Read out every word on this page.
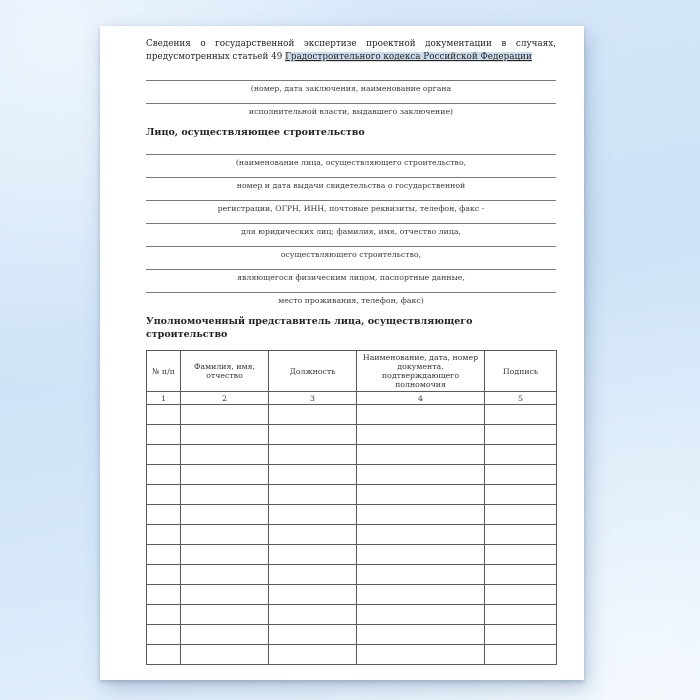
Сведения о государственной экспертизе проектной документации в случаях, предусмотренных статьей 49 Градостроительного кодекса Российской Федерации

(номер, дата заключения, наименование органа
исполнительной власти, выдавшего заключение)

Лицо, осуществляющее строительство

(наименование лица, осуществляющего строительство,
номер и дата выдачи свидетельства о государственной
регистрации, ОГРН, ИНН, почтовые реквизиты, телефон, факс -
для юридических лиц; фамилия, имя, отчество лица,
осуществляющего строительство,
являющегося физическим лицом, паспортные данные,
место проживания, телефон, факс)

Уполномоченный представитель лица, осуществляющего строительство

№ п/п	Фамилия, имя, отчество	Должность	Наименование, дата, номер документа, подтверждающего полномочия	Подпись
1	2	3	4	5
